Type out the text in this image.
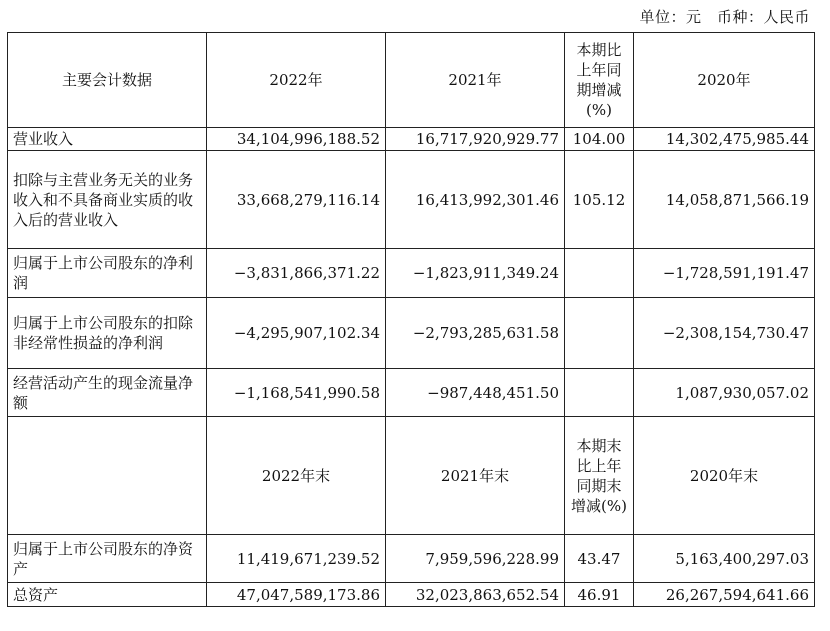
单位：元　币种：人民币
主要会计数据	2022年	2021年	本期比上年同期增减(%)	2020年
营业收入	34,104,996,188.52	16,717,920,929.77	104.00	14,302,475,985.44
扣除与主营业务无关的业务收入和不具备商业实质的收入后的营业收入	33,668,279,116.14	16,413,992,301.46	105.12	14,058,871,566.19
归属于上市公司股东的净利润	−3,831,866,371.22	−1,823,911,349.24		−1,728,591,191.47
归属于上市公司股东的扣除非经常性损益的净利润	−4,295,907,102.34	−2,793,285,631.58		−2,308,154,730.47
经营活动产生的现金流量净额	−1,168,541,990.58	−987,448,451.50		1,087,930,057.02
	2022年末	2021年末	本期末比上年同期末增减(%)	2020年末
归属于上市公司股东的净资产	11,419,671,239.52	7,959,596,228.99	43.47	5,163,400,297.03
总资产	47,047,589,173.86	32,023,863,652.54	46.91	26,267,594,641.66
